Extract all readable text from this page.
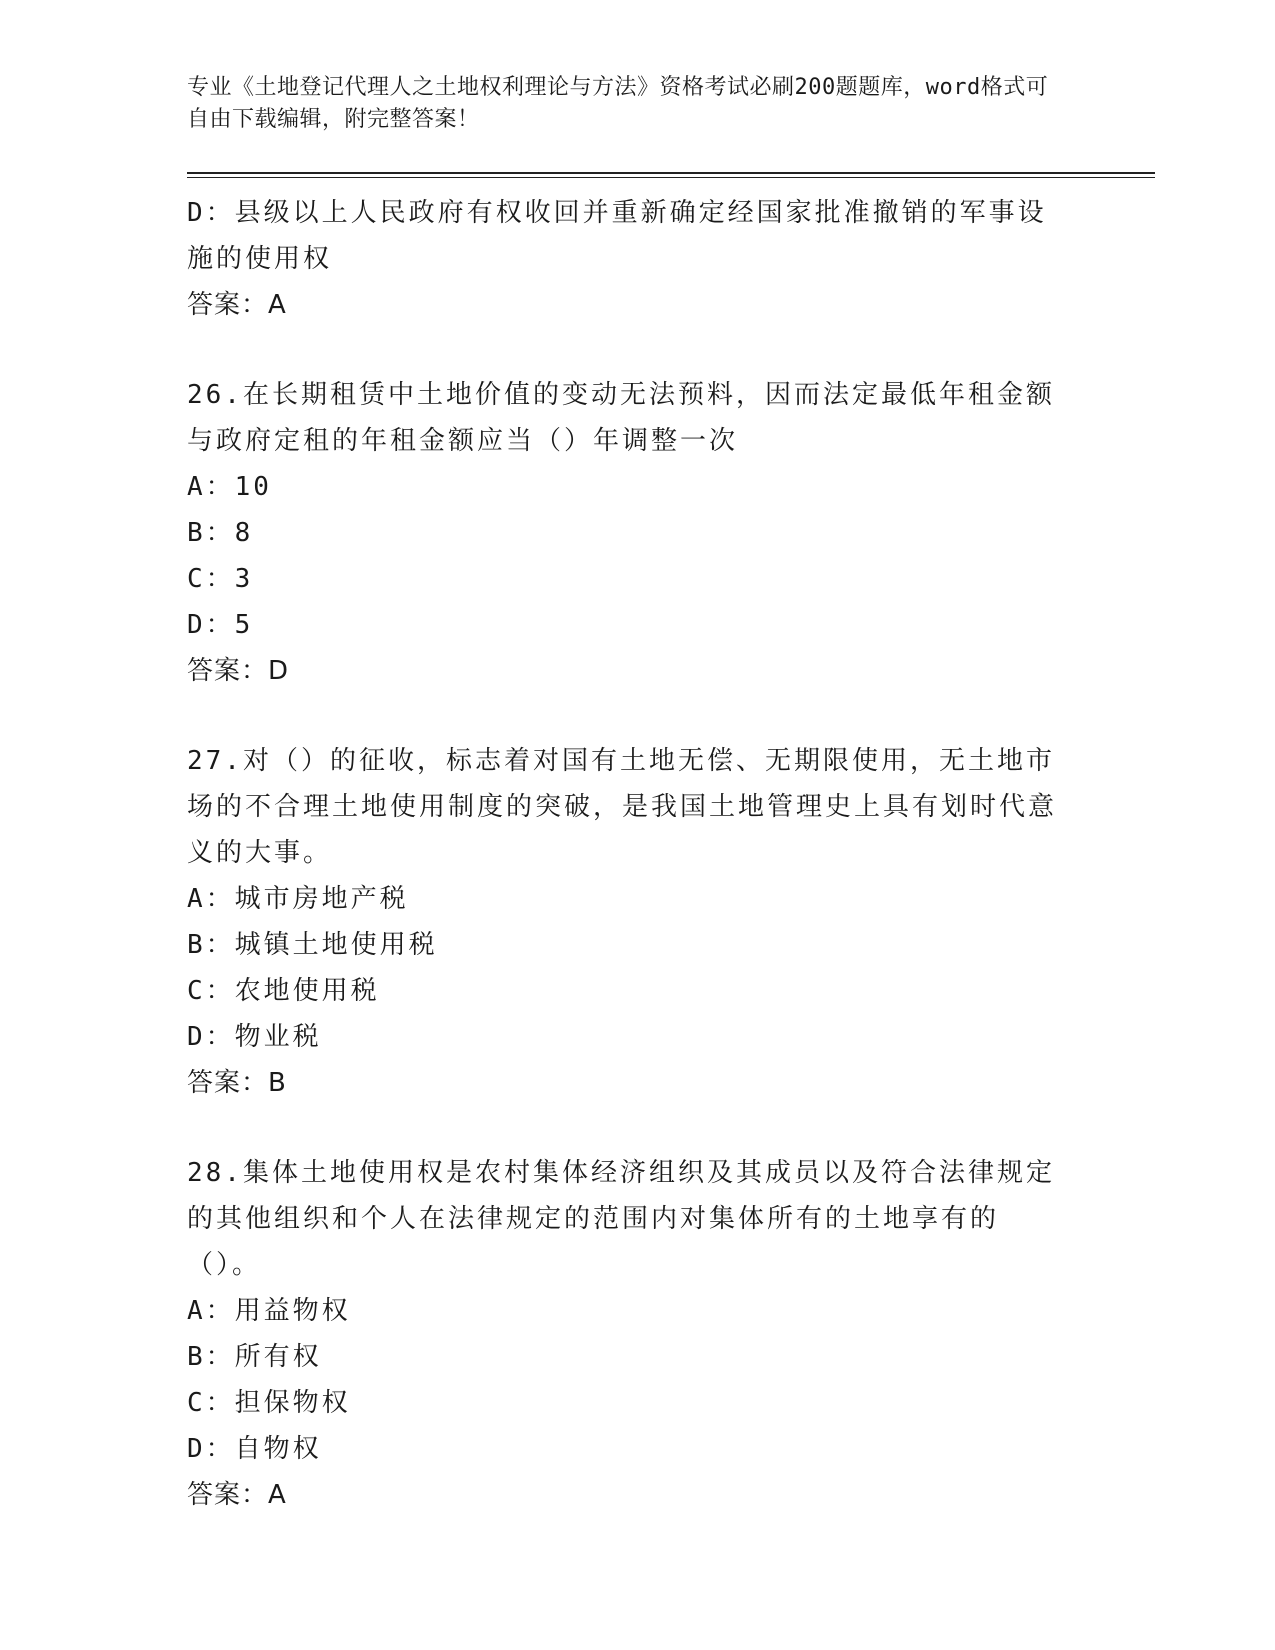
专业《土地登记代理人之土地权利理论与方法》资格考试必刷200题题库，word格式可自由下载编辑，附完整答案！
D：县级以上人民政府有权收回并重新确定经国家批准撤销的军事设施的使用权
答案：A
26.在长期租赁中土地价值的变动无法预料，因而法定最低年租金额与政府定租的年租金额应当（）年调整一次
A：10
B：8
C：3
D：5
答案：D
27.对（）的征收，标志着对国有土地无偿、无期限使用，无土地市场的不合理土地使用制度的突破，是我国土地管理史上具有划时代意义的大事。
A：城市房地产税
B：城镇土地使用税
C：农地使用税
D：物业税
答案：B
28.集体土地使用权是农村集体经济组织及其成员以及符合法律规定的其他组织和个人在法律规定的范围内对集体所有的土地享有的（）。
A：用益物权
B：所有权
C：担保物权
D：自物权
答案：A
